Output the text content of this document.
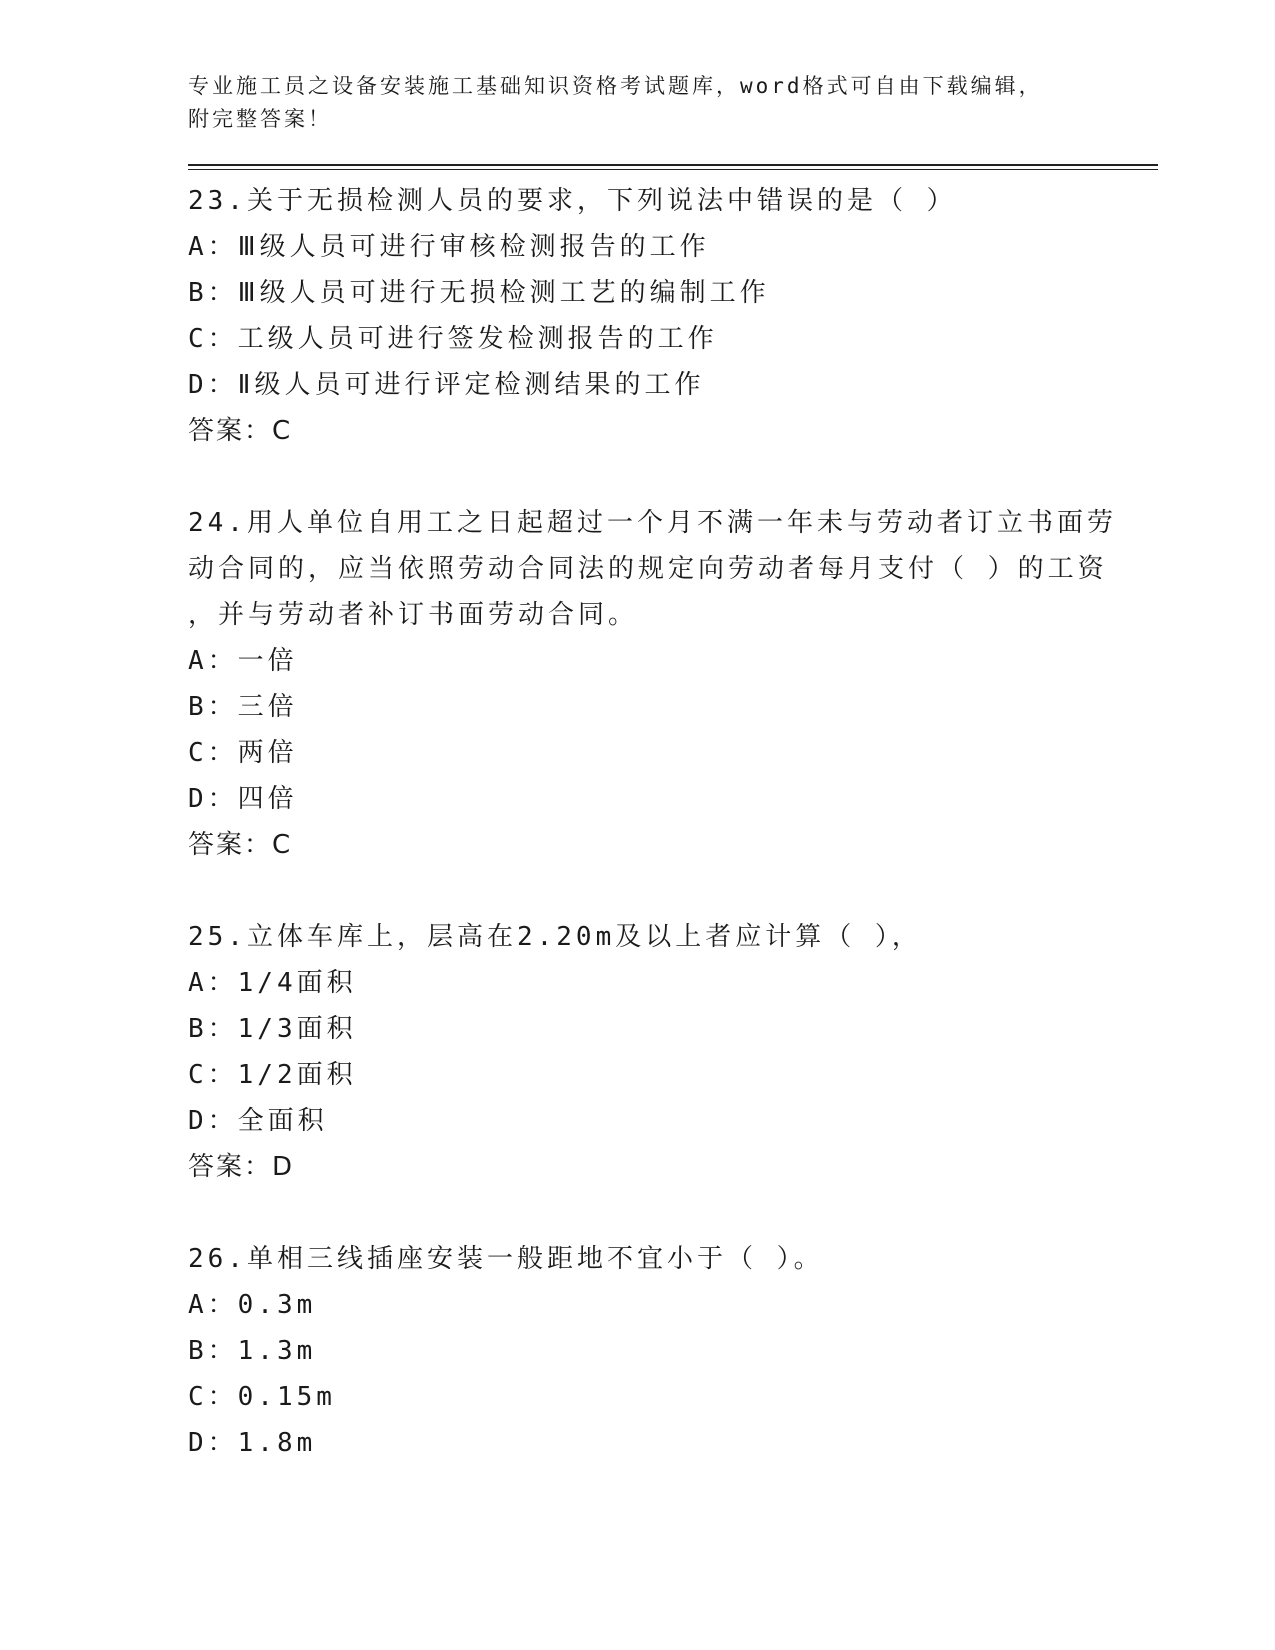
专业施工员之设备安装施工基础知识资格考试题库，word格式可自由下载编辑，

附完整答案！

23.关于无损检测人员的要求，下列说法中错误的是（ ）

A：Ⅲ级人员可进行审核检测报告的工作

B：Ⅲ级人员可进行无损检测工艺的编制工作

C：工级人员可进行签发检测报告的工作

D：Ⅱ级人员可进行评定检测结果的工作

答案：C

24.用人单位自用工之日起超过一个月不满一年未与劳动者订立书面劳

动合同的，应当依照劳动合同法的规定向劳动者每月支付（ ）的工资

，并与劳动者补订书面劳动合同。

A：一倍

B：三倍

C：两倍

D：四倍

答案：C

25.立体车库上，层高在2.20m及以上者应计算（ ），

A：1/4面积

B：1/3面积

C：1/2面积

D：全面积

答案：D

26.单相三线插座安装一般距地不宜小于（ ）。

A：0.3m

B：1.3m

C：0.15m

D：1.8m
